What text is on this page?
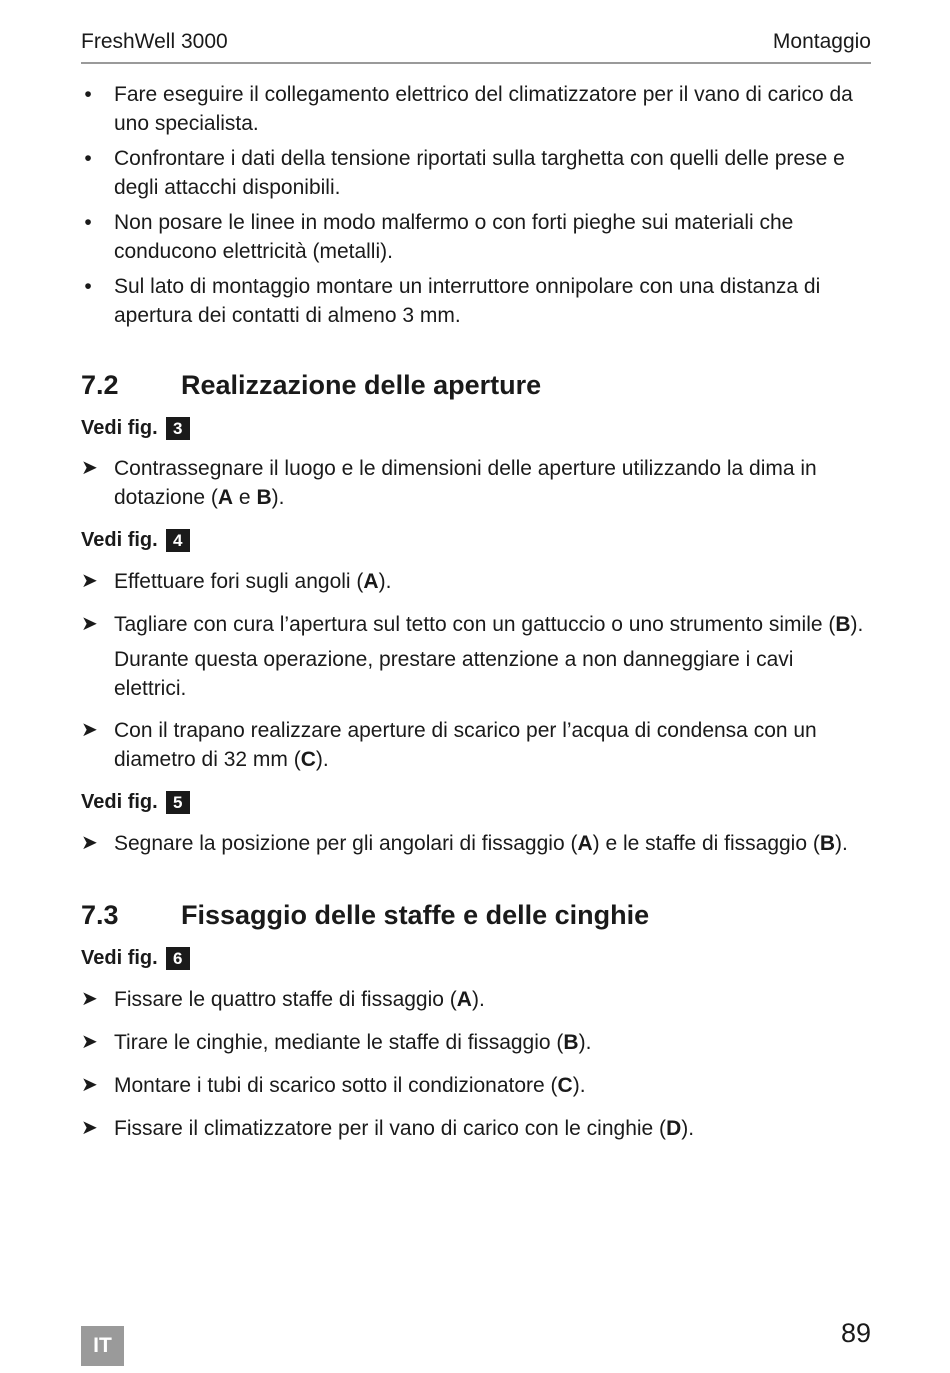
FreshWell 3000	Montaggio
• Fare eseguire il collegamento elettrico del climatizzatore per il vano di carico da uno specialista.
• Confrontare i dati della tensione riportati sulla targhetta con quelli delle prese e degli attacchi disponibili.
• Non posare le linee in modo malfermo o con forti pieghe sui materiali che conducono elettricità (metalli).
• Sul lato di montaggio montare un interruttore onnipolare con una distanza di apertura dei contatti di almeno 3 mm.
7.2	Realizzazione delle aperture

Vedi fig. 3

➤ Contrassegnare il luogo e le dimensioni delle aperture utilizzando la dima in dotazione (A e B).

Vedi fig. 4

➤ Effettuare fori sugli angoli (A).
➤ Tagliare con cura l’apertura sul tetto con un gattuccio o uno strumento simile (B).
Durante questa operazione, prestare attenzione a non danneggiare i cavi elettrici.
➤ Con il trapano realizzare aperture di scarico per l’acqua di condensa con un diametro di 32 mm (C).

Vedi fig. 5

➤ Segnare la posizione per gli angolari di fissaggio (A) e le staffe di fissaggio (B).
7.3	Fissaggio delle staffe e delle cinghie

Vedi fig. 6

➤ Fissare le quattro staffe di fissaggio (A).
➤ Tirare le cinghie, mediante le staffe di fissaggio (B).
➤ Montare i tubi di scarico sotto il condizionatore (C).
➤ Fissare il climatizzatore per il vano di carico con le cinghie (D).
IT	89
